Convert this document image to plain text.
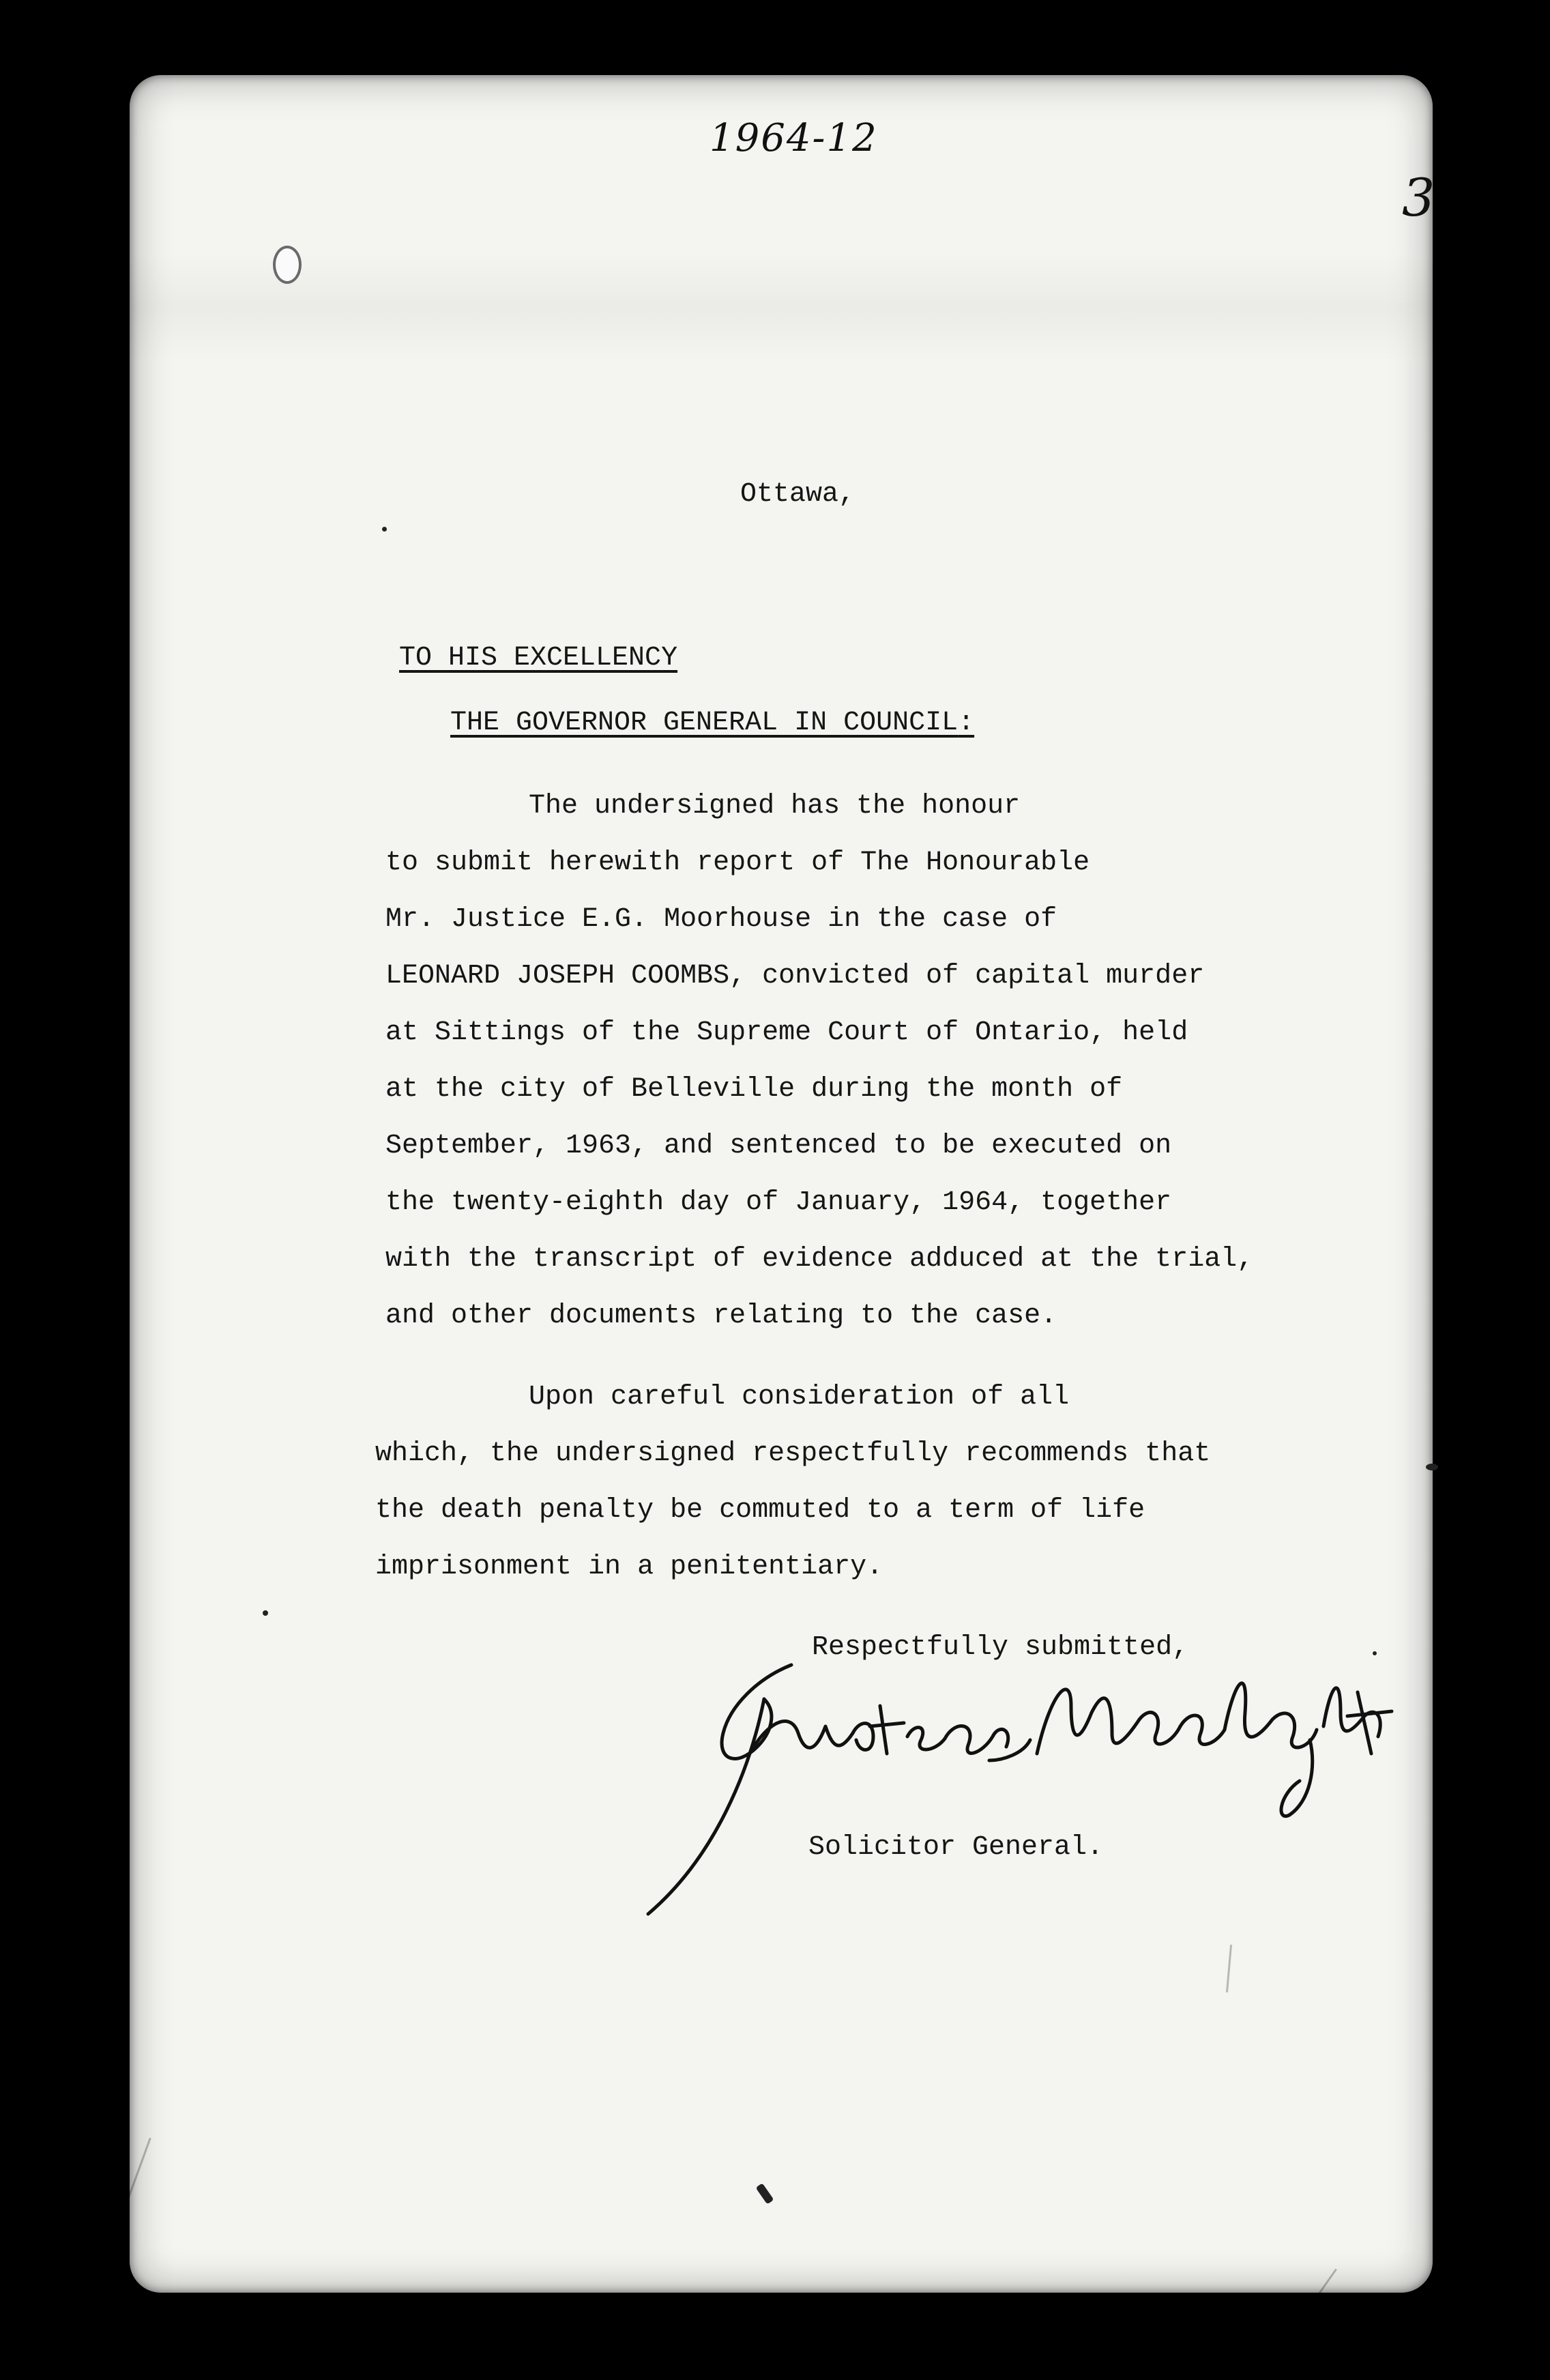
1964-12
3
Ottawa,
TO HIS EXCELLENCY
THE GOVERNOR GENERAL IN COUNCIL:
The undersigned has the honour
to submit herewith report of The Honourable
Mr. Justice E.G. Moorhouse in the case of
LEONARD JOSEPH COOMBS, convicted of capital murder
at Sittings of the Supreme Court of Ontario, held
at the city of Belleville during the month of
September, 1963, and sentenced to be executed on
the twenty-eighth day of January, 1964, together
with the transcript of evidence adduced at the trial,
and other documents relating to the case.
Upon careful consideration of all
which, the undersigned respectfully recommends that
the death penalty be commuted to a term of life
imprisonment in a penitentiary.
Respectfully submitted,
Solicitor General.
